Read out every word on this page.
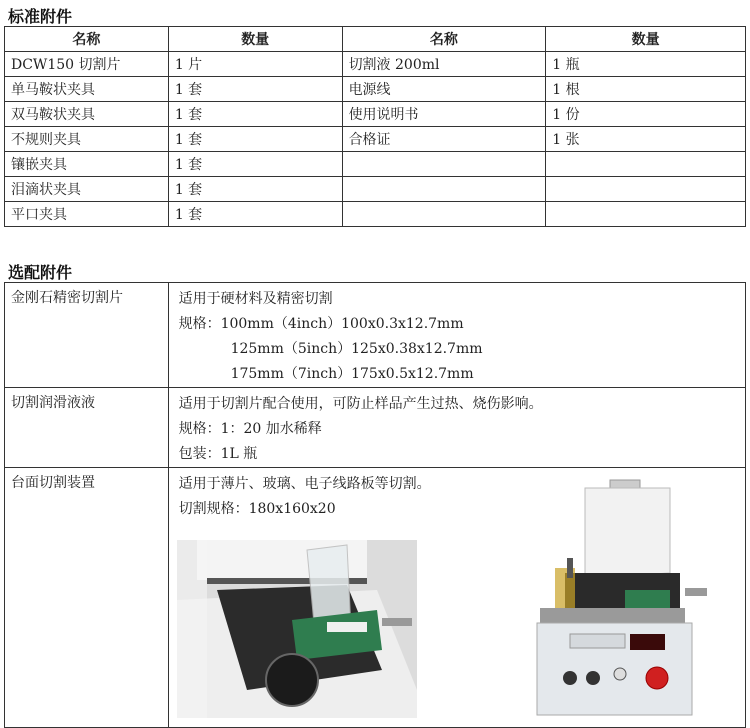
标准附件
名称	数量	名称	数量
DCW150 切割片	1 片	切割液 200ml	1 瓶
单马鞍状夹具	1 套	电源线	1 根
双马鞍状夹具	1 套	使用说明书	1 份
不规则夹具	1 套	合格证	1 张
镶嵌夹具	1 套		
泪滴状夹具	1 套		
平口夹具	1 套		
选配附件
金刚石精密切割片	适用于硬材料及精密切割
规格：100mm（4inch）100x0.3x12.7mm
125mm（5inch）125x0.38x12.7mm
175mm（7inch）175x0.5x12.7mm

切割润滑液液	适用于切割片配合使用，可防止样品产生过热、烧伤影响。
规格：1：20 加水稀释
包装：1L 瓶

台面切割装置	适用于薄片、玻璃、电子线路板等切割。
切割规格：180x160x20
